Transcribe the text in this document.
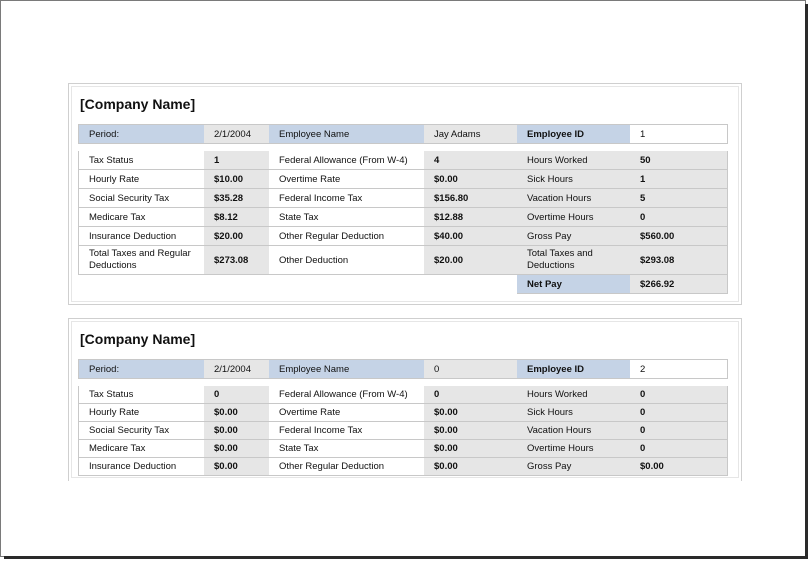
[Company Name]
Period:	2/1/2004	Employee Name	Jay Adams	Employee ID	1
Tax Status	1	Federal Allowance (From W-4)	4	Hours Worked	50
Hourly Rate	$10.00	Overtime Rate	$0.00	Sick Hours	1
Social Security Tax	$35.28	Federal Income Tax	$156.80	Vacation Hours	5
Medicare Tax	$8.12	State Tax	$12.88	Overtime Hours	0
Insurance Deduction	$20.00	Other Regular Deduction	$40.00	Gross Pay	$560.00
Total Taxes and Regular Deductions	$273.08	Other Deduction	$20.00	Total Taxes and Deductions	$293.08
				Net Pay	$266.92
[Company Name]
Period:	2/1/2004	Employee Name	0	Employee ID	2
Tax Status	0	Federal Allowance (From W-4)	0	Hours Worked	0
Hourly Rate	$0.00	Overtime Rate	$0.00	Sick Hours	0
Social Security Tax	$0.00	Federal Income Tax	$0.00	Vacation Hours	0
Medicare Tax	$0.00	State Tax	$0.00	Overtime Hours	0
Insurance Deduction	$0.00	Other Regular Deduction	$0.00	Gross Pay	$0.00
